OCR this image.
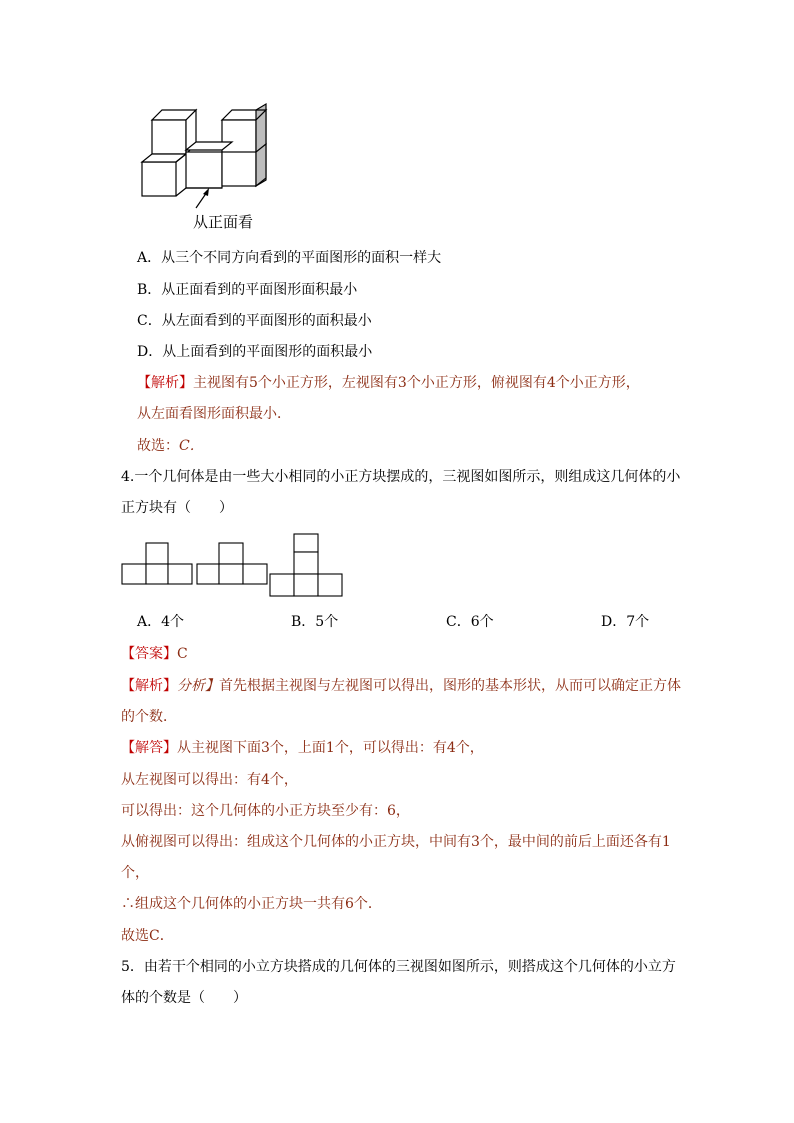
从正面看
A．从三个不同方向看到的平面图形的面积一样大
B．从正面看到的平面图形面积最小
C．从左面看到的平面图形的面积最小
D．从上面看到的平面图形的面积最小
【解析】主视图有5个小正方形，左视图有3个小正方形，俯视图有4个小正方形，
从左面看图形面积最小．
故选：C．
4.一个几何体是由一些大小相同的小正方块摆成的，三视图如图所示，则组成这几何体的小
正方块有（　　）
A．4个	B．5个	C．6个	D．7个
【答案】C
【解析】分析】首先根据主视图与左视图可以得出，图形的基本形状，从而可以确定正方体
的个数．
【解答】从主视图下面3个，上面1个，可以得出：有4个，
从左视图可以得出：有4个，
可以得出：这个几何体的小正方块至少有：6，
从俯视图可以得出：组成这个几何体的小正方块，中间有3个，最中间的前后上面还各有1
个，
∴组成这个几何体的小正方块一共有6个．
故选C．
5．由若干个相同的小立方块搭成的几何体的三视图如图所示，则搭成这个几何体的小立方
体的个数是（　　）
